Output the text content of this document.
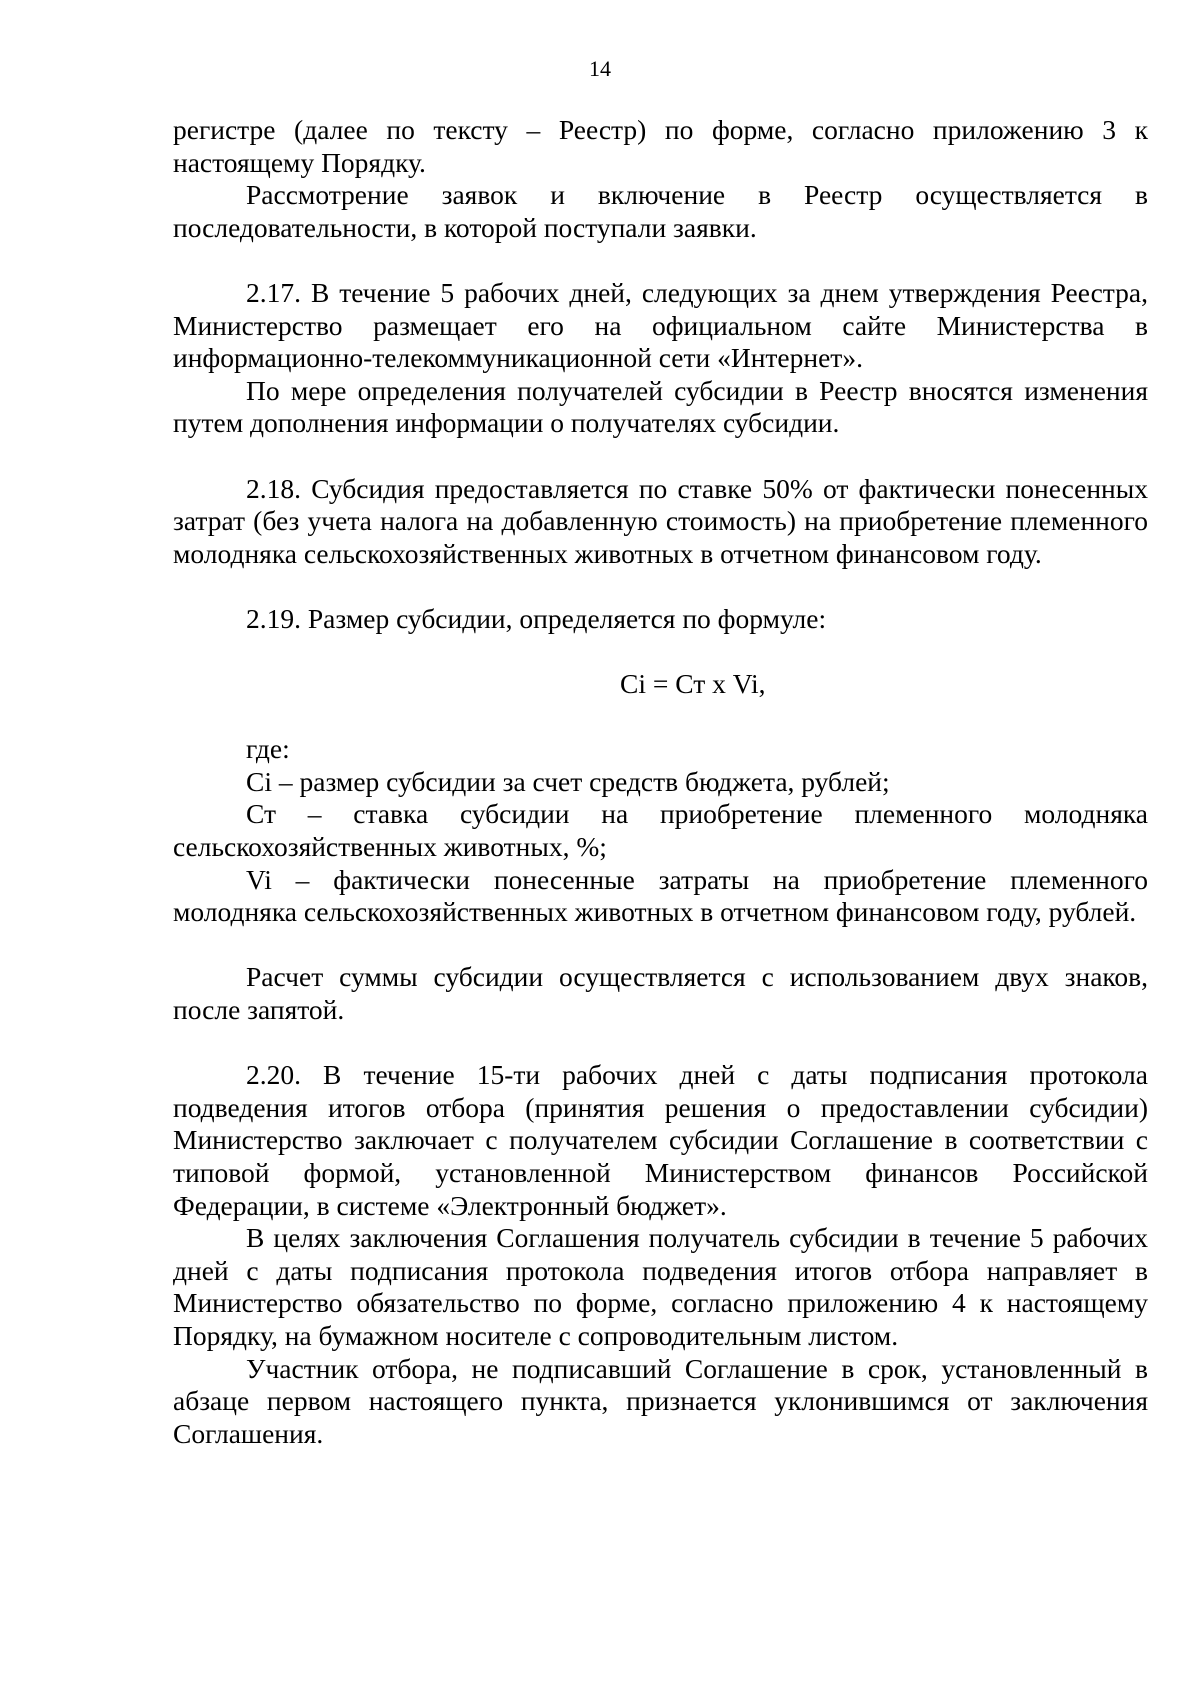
14

регистре (далее по тексту – Реестр) по форме, согласно приложению 3 к настоящему Порядку.

Рассмотрение заявок и включение в Реестр осуществляется в последовательности, в которой поступали заявки.

2.17. В течение 5 рабочих дней, следующих за днем утверждения Реестра, Министерство размещает его на официальном сайте Министерства в информационно-телекоммуникационной сети «Интернет».

По мере определения получателей субсидии в Реестр вносятся изменения путем дополнения информации о получателях субсидии.

2.18. Субсидия предоставляется по ставке 50% от фактически понесенных затрат (без учета налога на добавленную стоимость) на приобретение племенного молодняка сельскохозяйственных животных в отчетном финансовом году.

2.19. Размер субсидии, определяется по формуле:

Ci = Ст х Vi,

где:

Ci – размер субсидии за счет средств бюджета, рублей;

Ст – ставка субсидии на приобретение племенного молодняка сельскохозяйственных животных, %;

Vi – фактически понесенные затраты на приобретение племенного молодняка сельскохозяйственных животных в отчетном финансовом году, рублей.

Расчет суммы субсидии осуществляется с использованием двух знаков, после запятой.

2.20. В течение 15-ти рабочих дней с даты подписания протокола подведения итогов отбора (принятия решения о предоставлении субсидии) Министерство заключает с получателем субсидии Соглашение в соответствии с типовой формой, установленной Министерством финансов Российской Федерации, в системе «Электронный бюджет».

В целях заключения Соглашения получатель субсидии в течение 5 рабочих дней с даты подписания протокола подведения итогов отбора направляет в Министерство обязательство по форме, согласно приложению 4 к настоящему Порядку, на бумажном носителе с сопроводительным листом.

Участник отбора, не подписавший Соглашение в срок, установленный в абзаце первом настоящего пункта, признается уклонившимся от заключения Соглашения.
